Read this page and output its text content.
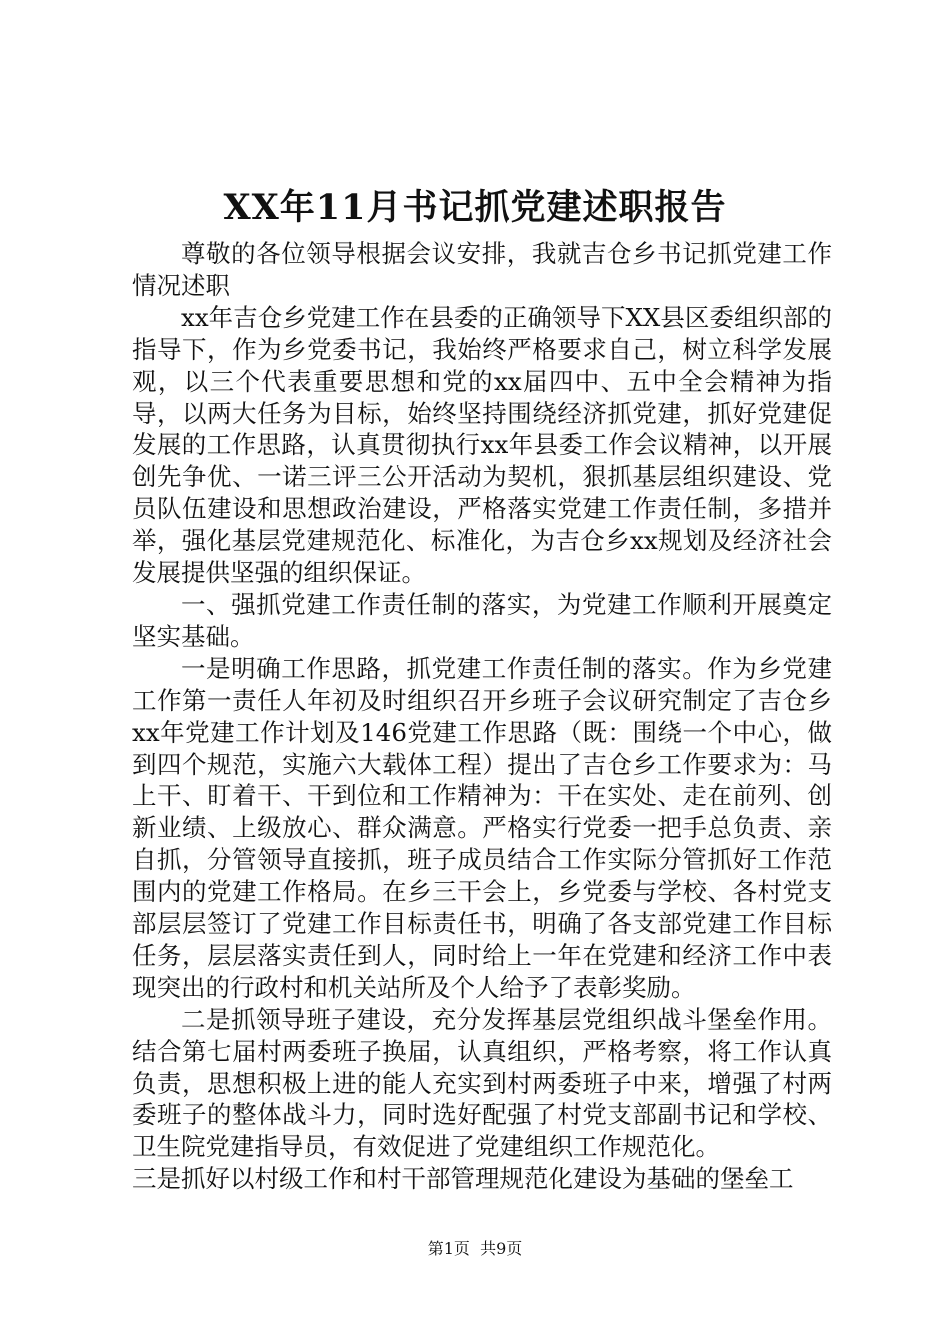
XX年11月书记抓党建述职报告

尊敬的各位领导根据会议安排，我就吉仓乡书记抓党建工作情况述职

xx年吉仓乡党建工作在县委的正确领导下XX县区委组织部的指导下，作为乡党委书记，我始终严格要求自己，树立科学发展观，以三个代表重要思想和党的xx届四中、五中全会精神为指导，以两大任务为目标，始终坚持围绕经济抓党建，抓好党建促发展的工作思路，认真贯彻执行xx年县委工作会议精神，以开展创先争优、一诺三评三公开活动为契机，狠抓基层组织建设、党员队伍建设和思想政治建设，严格落实党建工作责任制，多措并举，强化基层党建规范化、标准化，为吉仓乡xx规划及经济社会发展提供坚强的组织保证。

一、强抓党建工作责任制的落实，为党建工作顺利开展奠定坚实基础。

一是明确工作思路，抓党建工作责任制的落实。作为乡党建工作第一责任人年初及时组织召开乡班子会议研究制定了吉仓乡xx年党建工作计划及146党建工作思路（既：围绕一个中心，做到四个规范，实施六大载体工程）提出了吉仓乡工作要求为：马上干、盯着干、干到位和工作精神为：干在实处、走在前列、创新业绩、上级放心、群众满意。严格实行党委一把手总负责、亲自抓，分管领导直接抓，班子成员结合工作实际分管抓好工作范围内的党建工作格局。在乡三干会上，乡党委与学校、各村党支部层层签订了党建工作目标责任书，明确了各支部党建工作目标任务，层层落实责任到人，同时给上一年在党建和经济工作中表现突出的行政村和机关站所及个人给予了表彰奖励。

二是抓领导班子建设，充分发挥基层党组织战斗堡垒作用。结合第七届村两委班子换届，认真组织，严格考察，将工作认真负责，思想积极上进的能人充实到村两委班子中来，增强了村两委班子的整体战斗力，同时选好配强了村党支部副书记和学校、卫生院党建指导员，有效促进了党建组织工作规范化。

三是抓好以村级工作和村干部管理规范化建设为基础的堡垒工

第1页  共9页
